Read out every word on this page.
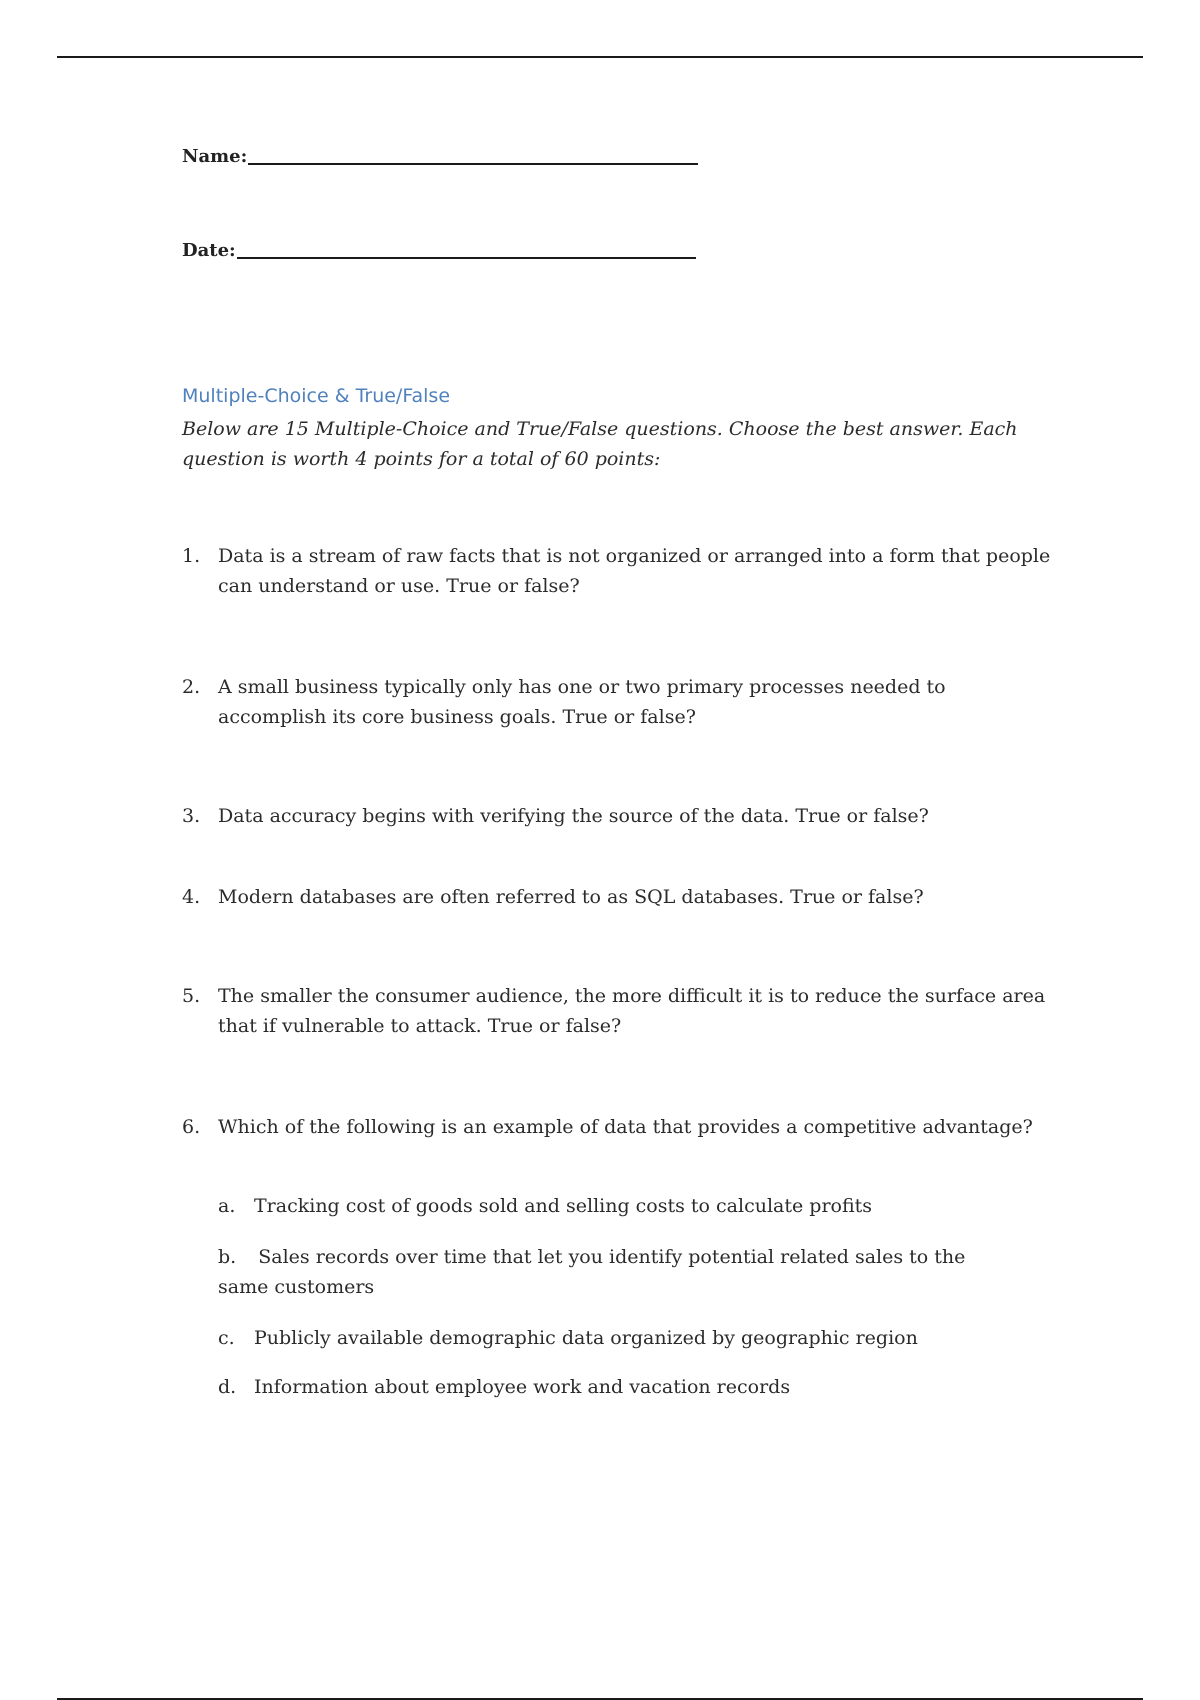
Name:
Date:
Multiple-Choice & True/False

Below are 15 Multiple-Choice and True/False questions. Choose the best answer. Each question is worth 4 points for a total of 60 points:

1. Data is a stream of raw facts that is not organized or arranged into a form that people can understand or use. True or false?
2. A small business typically only has one or two primary processes needed to accomplish its core business goals. True or false?
3. Data accuracy begins with verifying the source of the data. True or false?
4. Modern databases are often referred to as SQL databases. True or false?
5. The smaller the consumer audience, the more difficult it is to reduce the surface area that if vulnerable to attack. True or false?
6. Which of the following is an example of data that provides a competitive advantage?
a. Tracking cost of goods sold and selling costs to calculate profits
b. Sales records over time that let you identify potential related sales to the same customers
c. Publicly available demographic data organized by geographic region
d. Information about employee work and vacation records
